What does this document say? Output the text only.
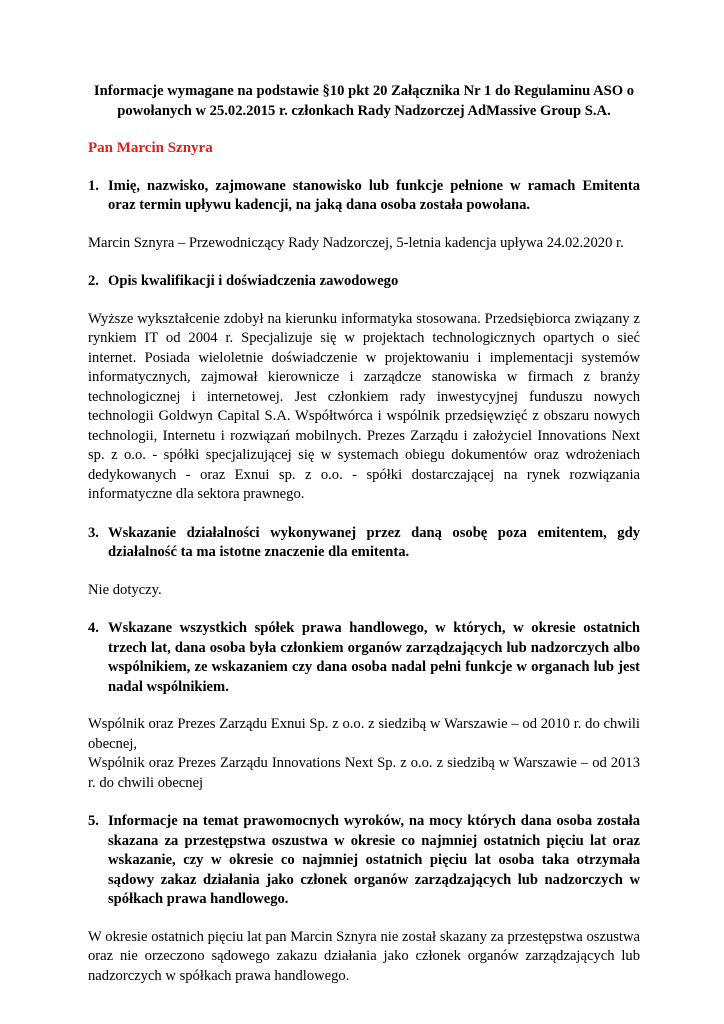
Informacje wymagane na podstawie §10 pkt 20 Załącznika Nr 1 do Regulaminu ASO o powołanych w 25.02.2015 r. członkach Rady Nadzorczej AdMassive Group S.A.

Pan Marcin Sznyra

1. Imię, nazwisko, zajmowane stanowisko lub funkcje pełnione w ramach Emitenta oraz termin upływu kadencji, na jaką dana osoba została powołana.

Marcin Sznyra – Przewodniczący Rady Nadzorczej, 5-letnia kadencja upływa 24.02.2020 r.

2. Opis kwalifikacji i doświadczenia zawodowego

Wyższe wykształcenie zdobył na kierunku informatyka stosowana. Przedsiębiorca związany z rynkiem IT od 2004 r. Specjalizuje się w projektach technologicznych opartych o sieć internet. Posiada wieloletnie doświadczenie w projektowaniu i implementacji systemów informatycznych, zajmował kierownicze i zarządcze stanowiska w firmach z branży technologicznej i internetowej. Jest członkiem rady inwestycyjnej funduszu nowych technologii Goldwyn Capital S.A. Współtwórca i wspólnik przedsięwzięć z obszaru nowych technologii, Internetu i rozwiązań mobilnych. Prezes Zarządu i założyciel Innovations Next sp. z o.o. - spółki specjalizującej się w systemach obiegu dokumentów oraz wdrożeniach dedykowanych - oraz Exnui sp. z o.o. - spółki dostarczającej na rynek rozwiązania informatyczne dla sektora prawnego.

3. Wskazanie działalności wykonywanej przez daną osobę poza emitentem, gdy działalność ta ma istotne znaczenie dla emitenta.

Nie dotyczy.

4. Wskazane wszystkich spółek prawa handlowego, w których, w okresie ostatnich trzech lat, dana osoba była członkiem organów zarządzających lub nadzorczych albo wspólnikiem, ze wskazaniem czy dana osoba nadal pełni funkcje w organach lub jest nadal wspólnikiem.

Wspólnik oraz Prezes Zarządu Exnui Sp. z o.o. z siedzibą w Warszawie – od 2010 r. do chwili obecnej,

Wspólnik oraz Prezes Zarządu Innovations Next Sp. z o.o. z siedzibą w Warszawie – od 2013 r. do chwili obecnej

5. Informacje na temat prawomocnych wyroków, na mocy których dana osoba została skazana za przestępstwa oszustwa w okresie co najmniej ostatnich pięciu lat oraz wskazanie, czy w okresie co najmniej ostatnich pięciu lat osoba taka otrzymała sądowy zakaz działania jako członek organów zarządzających lub nadzorczych w spółkach prawa handlowego.

W okresie ostatnich pięciu lat pan Marcin Sznyra nie został skazany za przestępstwa oszustwa oraz nie orzeczono sądowego zakazu działania jako członek organów zarządzających lub nadzorczych w spółkach prawa handlowego.
